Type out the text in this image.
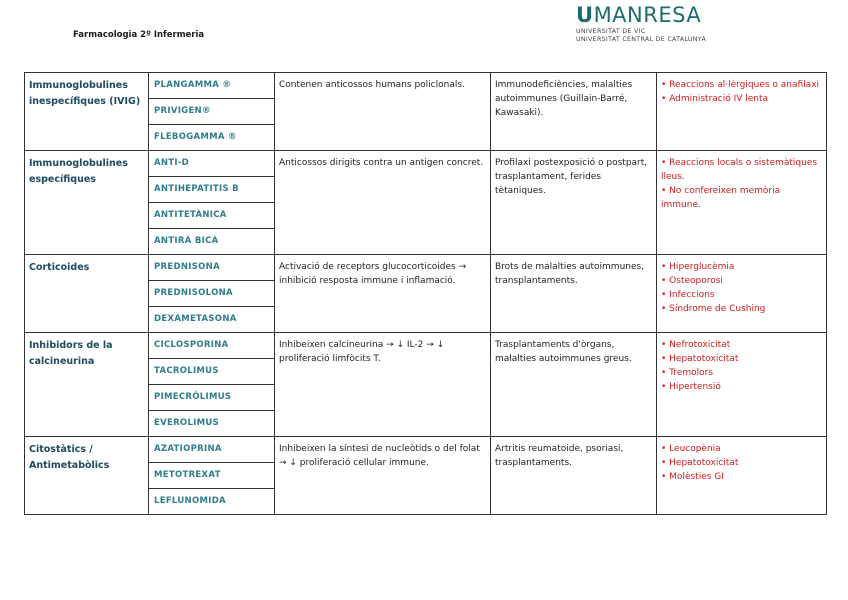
Farmacologia 2º Infermeria
UMANRESA
UNIVERSITAT DE VIC
UNIVERSITAT CENTRAL DE CATALUNYA
Immunoglobulines inespecífiques (IVIG)	PLANGAMMA ®	Contenen anticossos humans policlonals.	Immunodeficiències, malalties autoimmunes (Guillain-Barré, Kawasaki).	• Reaccions al·lèrgiques o anafilaxi
• Administració IV lenta

	PRIVIGEN®			
	FLEBOGAMMA ®			
Immunoglobulines específiques	ANTI-D	Anticossos dirigits contra un antigen concret.	Profilaxi postexposició o postpart, trasplantament, ferides tètaniques.	• Reaccions locals o sistemàtiques lleus.
• No confereixen memòria immune.

	ANTIHEPATITIS B			
	ANTITETÀNICA			
	ANTIRÀ BICA			
Corticoides	PREDNISONA	Activació de receptors glucocorticoides → inhibició resposta immune i inflamació.	Brots de malalties autoimmunes, transplantaments.	• Hiperglucèmia
• Osteoporosi
• Infeccions
• Síndrome de Cushing

	PREDNISOLONA			
	DEXAMETASONA			
Inhibidors de la calcineurina	CICLOSPORINA	Inhibeixen calcineurina → ↓ IL-2 → ↓ proliferació limfòcits T.	Trasplantaments d'òrgans, malalties autoimmunes greus.	• Nefrotoxicitat
• Hepatotoxicitat
• Tremolors
• Hipertensió

	TACROLIMUS			
	PIMECRÓLIMUS			
	EVEROLIMUS			
Citostàtics / Antimetabòlics	AZATIOPRINA	Inhibeixen la síntesi de nucleòtids o del folat → ↓ proliferació cellular immune.	Artritis reumatoide, psoriasi, trasplantaments.	• Leucopènia
• Hepatotoxicitat
• Molèsties GI

	METOTREXAT			
	LEFLUNOMIDA			
